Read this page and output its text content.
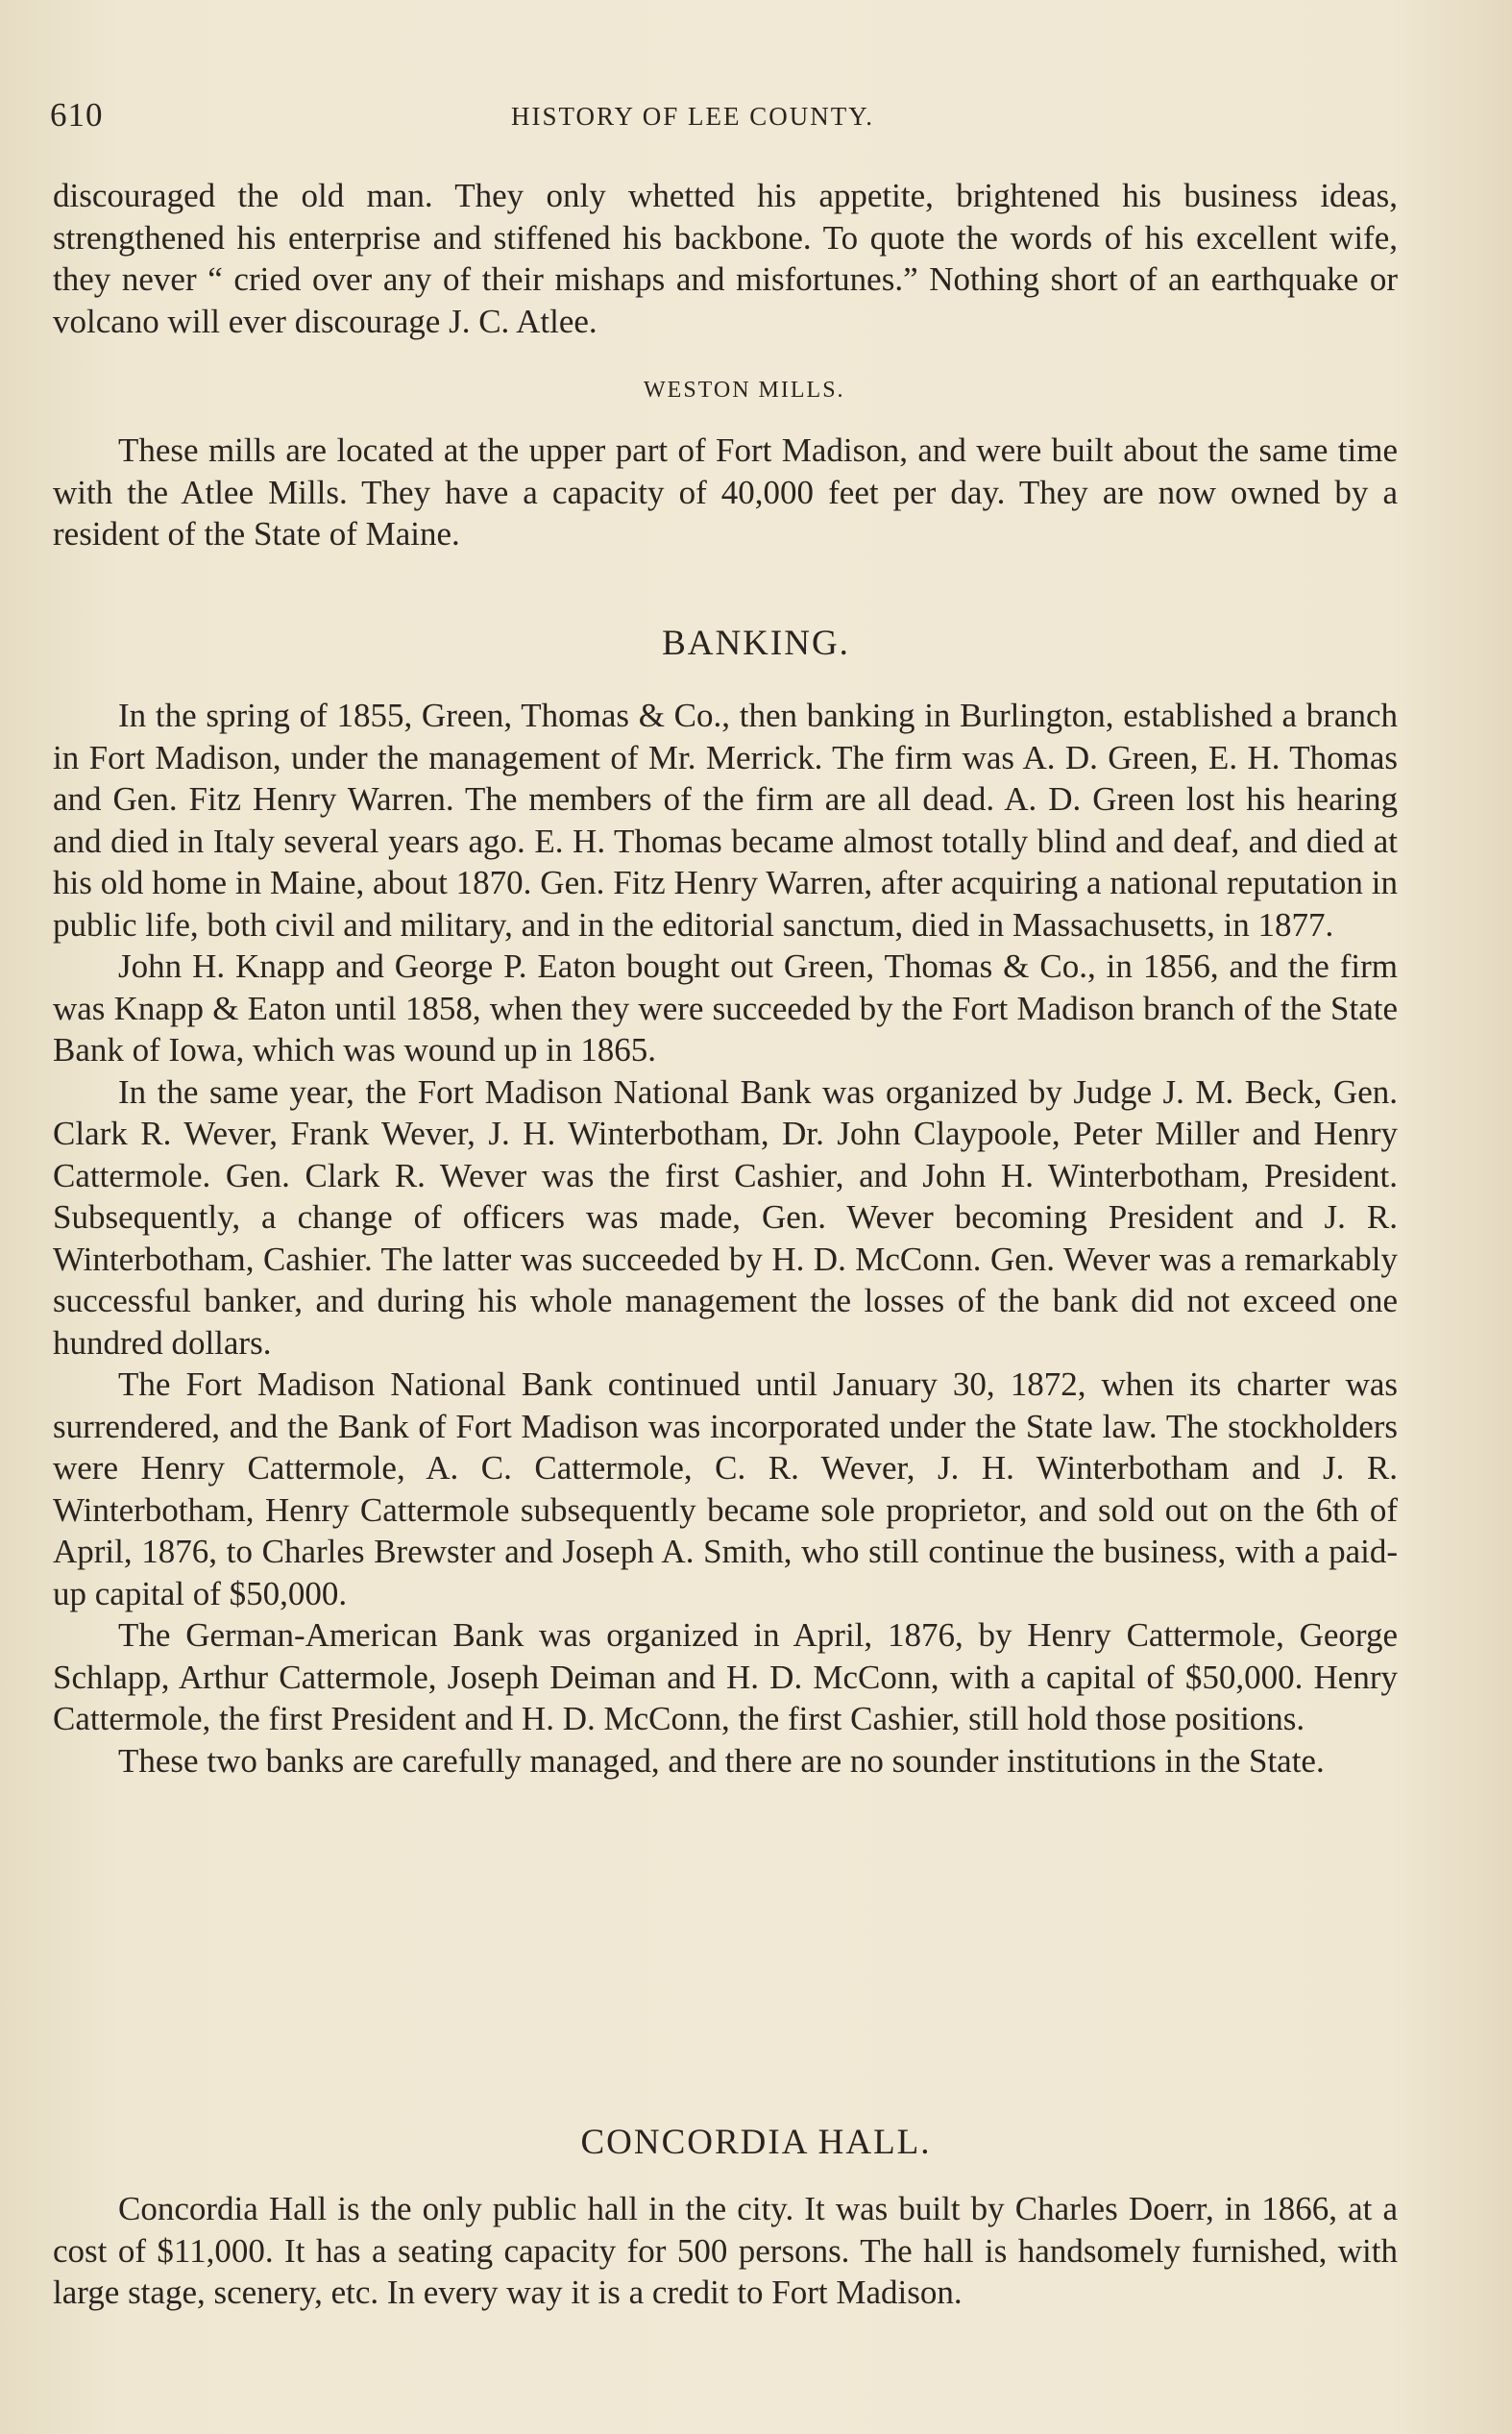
610	HISTORY OF LEE COUNTY.

discouraged the old man. They only whetted his appetite, brightened his business ideas, strengthened his enterprise and stiffened his backbone. To quote the words of his excellent wife, they never “ cried over any of their mishaps and misfortunes.” Nothing short of an earthquake or volcano will ever discourage J. C. Atlee.

WESTON MILLS.

These mills are located at the upper part of Fort Madison, and were built about the same time with the Atlee Mills. They have a capacity of 40,000 feet per day. They are now owned by a resident of the State of Maine.

BANKING.

In the spring of 1855, Green, Thomas & Co., then banking in Burlington, established a branch in Fort Madison, under the management of Mr. Merrick. The firm was A. D. Green, E. H. Thomas and Gen. Fitz Henry Warren. The members of the firm are all dead. A. D. Green lost his hearing and died in Italy several years ago. E. H. Thomas became almost totally blind and deaf, and died at his old home in Maine, about 1870. Gen. Fitz Henry Warren, after acquiring a national reputation in public life, both civil and military, and in the editorial sanctum, died in Massachusetts, in 1877.

John H. Knapp and George P. Eaton bought out Green, Thomas & Co., in 1856, and the firm was Knapp & Eaton until 1858, when they were succeeded by the Fort Madison branch of the State Bank of Iowa, which was wound up in 1865.

In the same year, the Fort Madison National Bank was organized by Judge J. M. Beck, Gen. Clark R. Wever, Frank Wever, J. H. Winterbotham, Dr. John Claypoole, Peter Miller and Henry Cattermole. Gen. Clark R. Wever was the first Cashier, and John H. Winterbotham, President. Subsequently, a change of officers was made, Gen. Wever becoming President and J. R. Winterbotham, Cashier. The latter was succeeded by H. D. McConn. Gen. Wever was a remarkably successful banker, and during his whole management the losses of the bank did not exceed one hundred dollars.

The Fort Madison National Bank continued until January 30, 1872, when its charter was surrendered, and the Bank of Fort Madison was incorporated under the State law. The stockholders were Henry Cattermole, A. C. Cattermole, C. R. Wever, J. H. Winterbotham and J. R. Winterbotham, Henry Cattermole subsequently became sole proprietor, and sold out on the 6th of April, 1876, to Charles Brewster and Joseph A. Smith, who still continue the business, with a paid-up capital of $50,000.

The German-American Bank was organized in April, 1876, by Henry Cattermole, George Schlapp, Arthur Cattermole, Joseph Deiman and H. D. McConn, with a capital of $50,000. Henry Cattermole, the first President and H. D. McConn, the first Cashier, still hold those positions.

These two banks are carefully managed, and there are no sounder institutions in the State.

CONCORDIA HALL.

Concordia Hall is the only public hall in the city. It was built by Charles Doerr, in 1866, at a cost of $11,000. It has a seating capacity for 500 persons. The hall is handsomely furnished, with large stage, scenery, etc. In every way it is a credit to Fort Madison.
